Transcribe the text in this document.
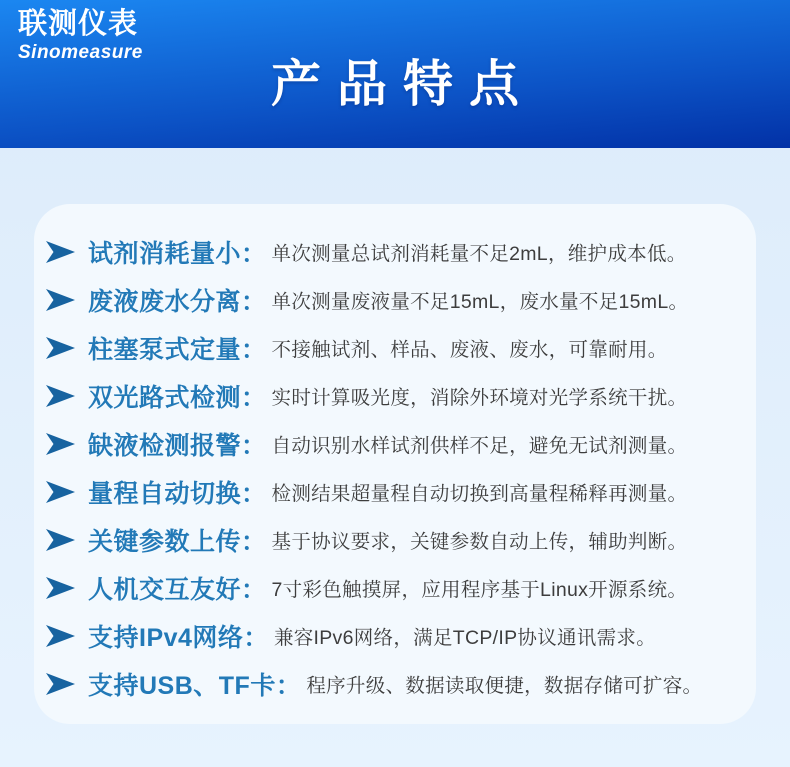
联测仪表
Sinomeasure
产品特点
试剂消耗量小： 单次测量总试剂消耗量不足2mL，维护成本低。
废液废水分离： 单次测量废液量不足15mL，废水量不足15mL。
柱塞泵式定量： 不接触试剂、样品、废液、废水，可靠耐用。
双光路式检测： 实时计算吸光度，消除外环境对光学系统干扰。
缺液检测报警： 自动识别水样试剂供样不足，避免无试剂测量。
量程自动切换： 检测结果超量程自动切换到高量程稀释再测量。
关键参数上传： 基于协议要求，关键参数自动上传，辅助判断。
人机交互友好： 7寸彩色触摸屏，应用程序基于Linux开源系统。
支持IPv4网络： 兼容IPv6网络，满足TCP/IP协议通讯需求。
支持USB、TF卡： 程序升级、数据读取便捷，数据存储可扩容。
